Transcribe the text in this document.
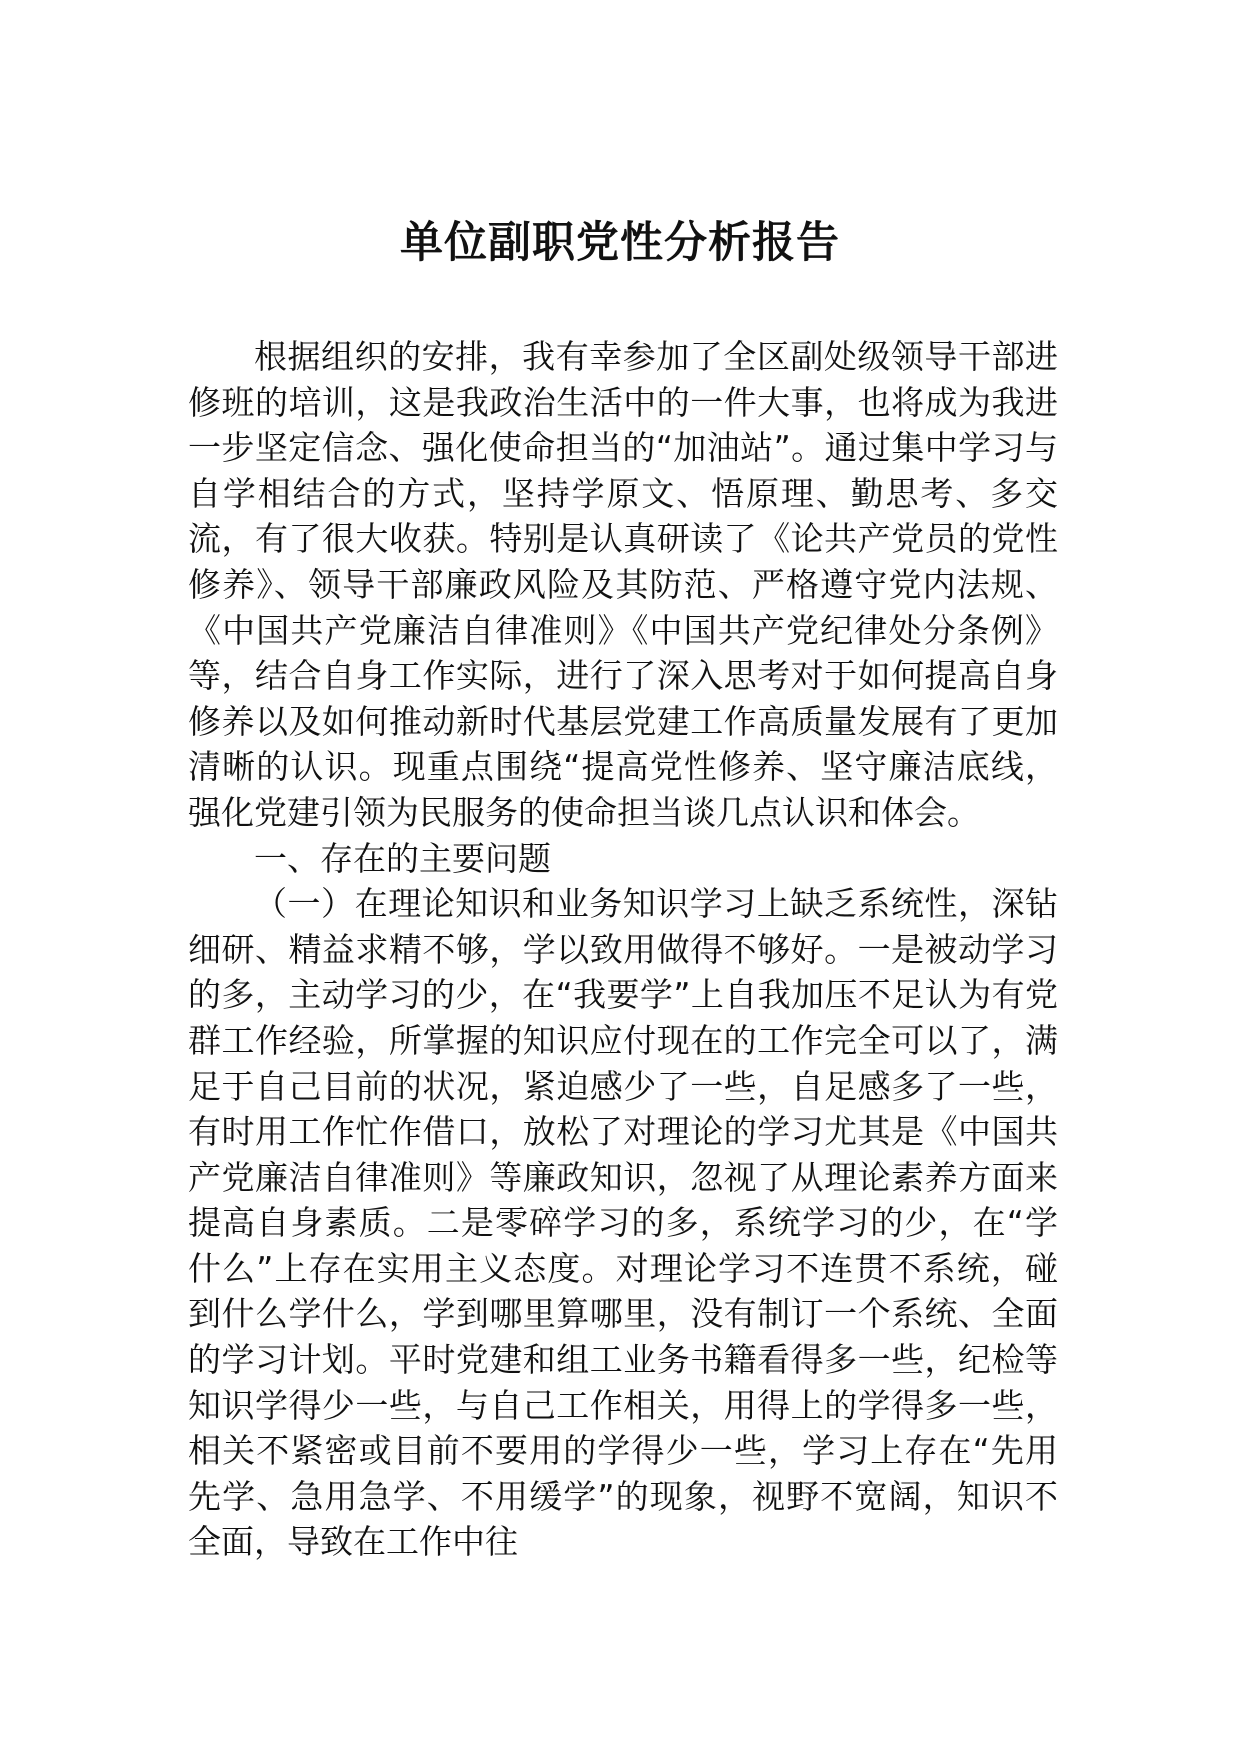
单位副职党性分析报告

根据组织的安排，我有幸参加了全区副处级领导干部进修班的培训，这是我政治生活中的一件大事，也将成为我进一步坚定信念、强化使命担当的“加油站”。通过集中学习与自学相结合的方式，坚持学原文、悟原理、勤思考、多交流，有了很大收获。特别是认真研读了《论共产党员的党性修养》、领导干部廉政风险及其防范、严格遵守党内法规、《中国共产党廉洁自律准则》《中国共产党纪律处分条例》等，结合自身工作实际，进行了深入思考对于如何提高自身修养以及如何推动新时代基层党建工作高质量发展有了更加清晰的认识。现重点围绕“提高党性修养、坚守廉洁底线，强化党建引领为民服务的使命担当谈几点认识和体会。

一、存在的主要问题

（一）在理论知识和业务知识学习上缺乏系统性，深钻细研、精益求精不够，学以致用做得不够好。一是被动学习的多，主动学习的少，在“我要学”上自我加压不足认为有党群工作经验，所掌握的知识应付现在的工作完全可以了，满足于自己目前的状况，紧迫感少了一些，自足感多了一些，有时用工作忙作借口，放松了对理论的学习尤其是《中国共产党廉洁自律准则》等廉政知识，忽视了从理论素养方面来提高自身素质。二是零碎学习的多，系统学习的少，在“学什么”上存在实用主义态度。对理论学习不连贯不系统，碰到什么学什么，学到哪里算哪里，没有制订一个系统、全面的学习计划。平时党建和组工业务书籍看得多一些，纪检等知识学得少一些，与自己工作相关，用得上的学得多一些，相关不紧密或目前不要用的学得少一些，学习上存在“先用先学、急用急学、不用缓学”的现象，视野不宽阔，知识不全面，导致在工作中往
